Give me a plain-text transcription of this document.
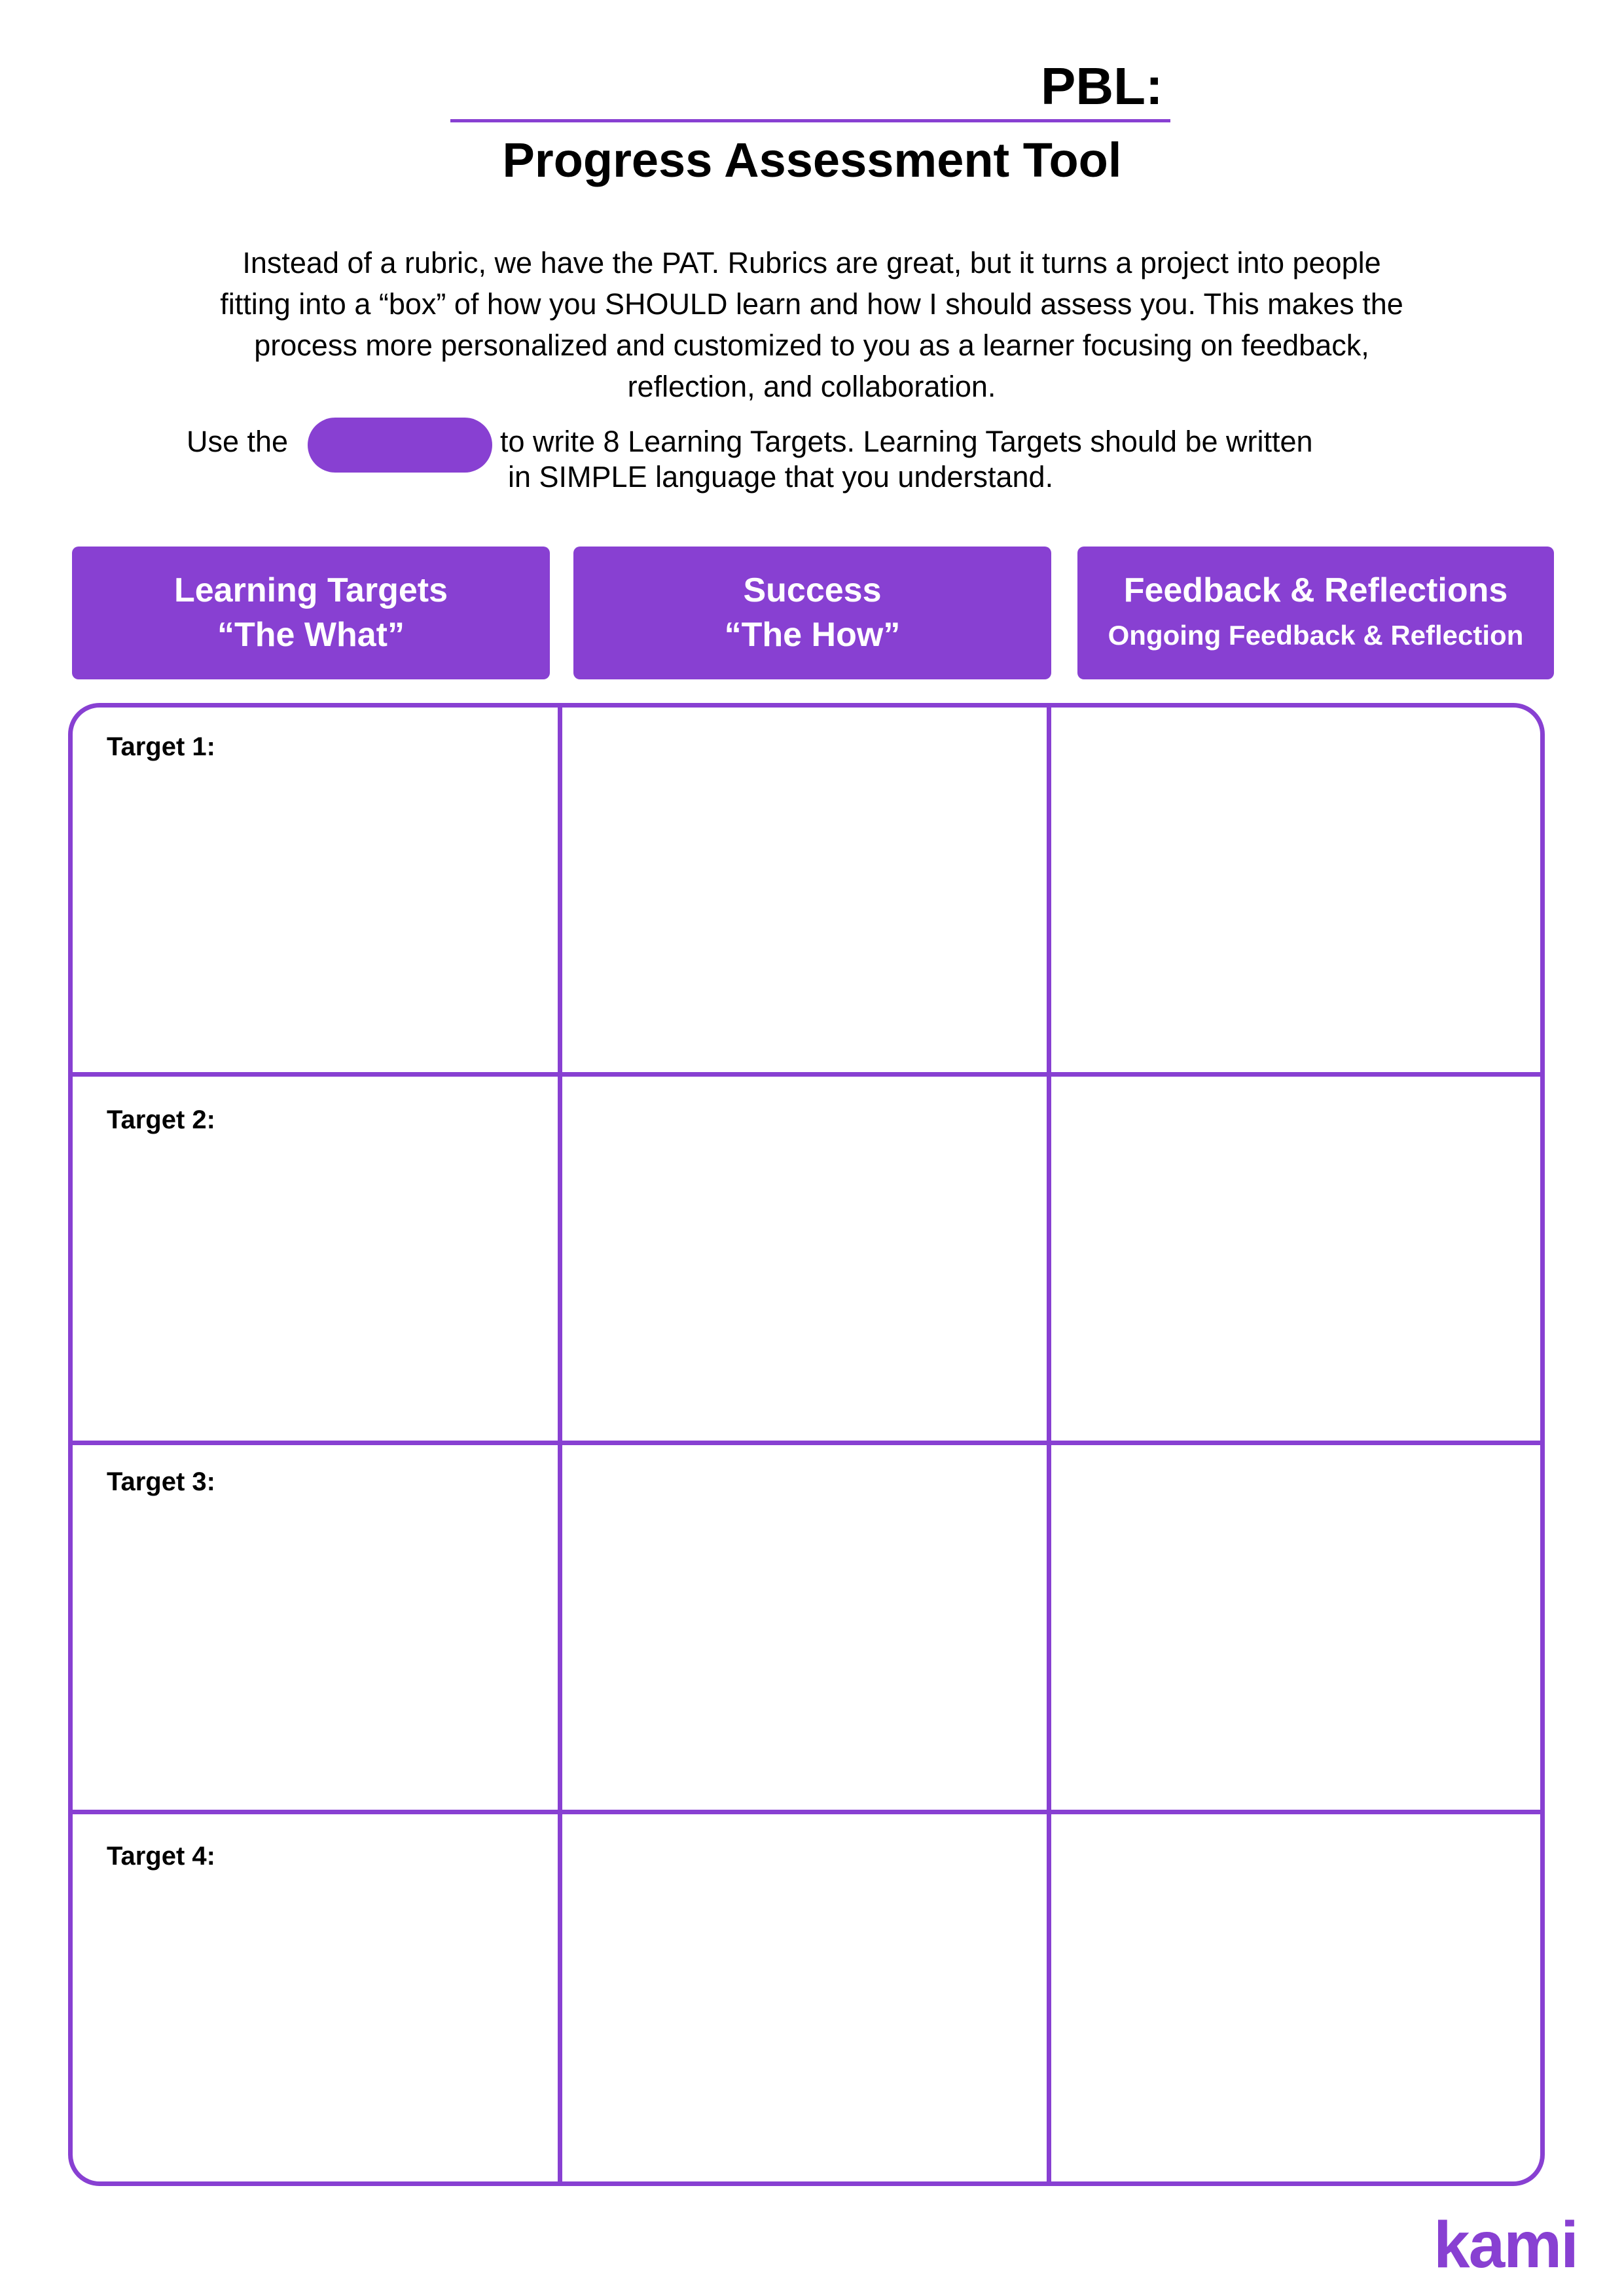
PBL:
Progress Assessment Tool
Instead of a rubric, we have the PAT. Rubrics are great, but it turns a project into people
fitting into a “box” of how you SHOULD learn and how I should assess you. This makes the
process more personalized and customized to you as a learner focusing on feedback,
reflection, and collaboration.
Use the	to write 8 Learning Targets. Learning Targets should be written
in SIMPLE language that you understand.
Learning Targets
“The What”
Success
“The How”
Feedback & Reflections
Ongoing Feedback & Reflection
Target 1:
Target 2:
Target 3:
Target 4:
kami
